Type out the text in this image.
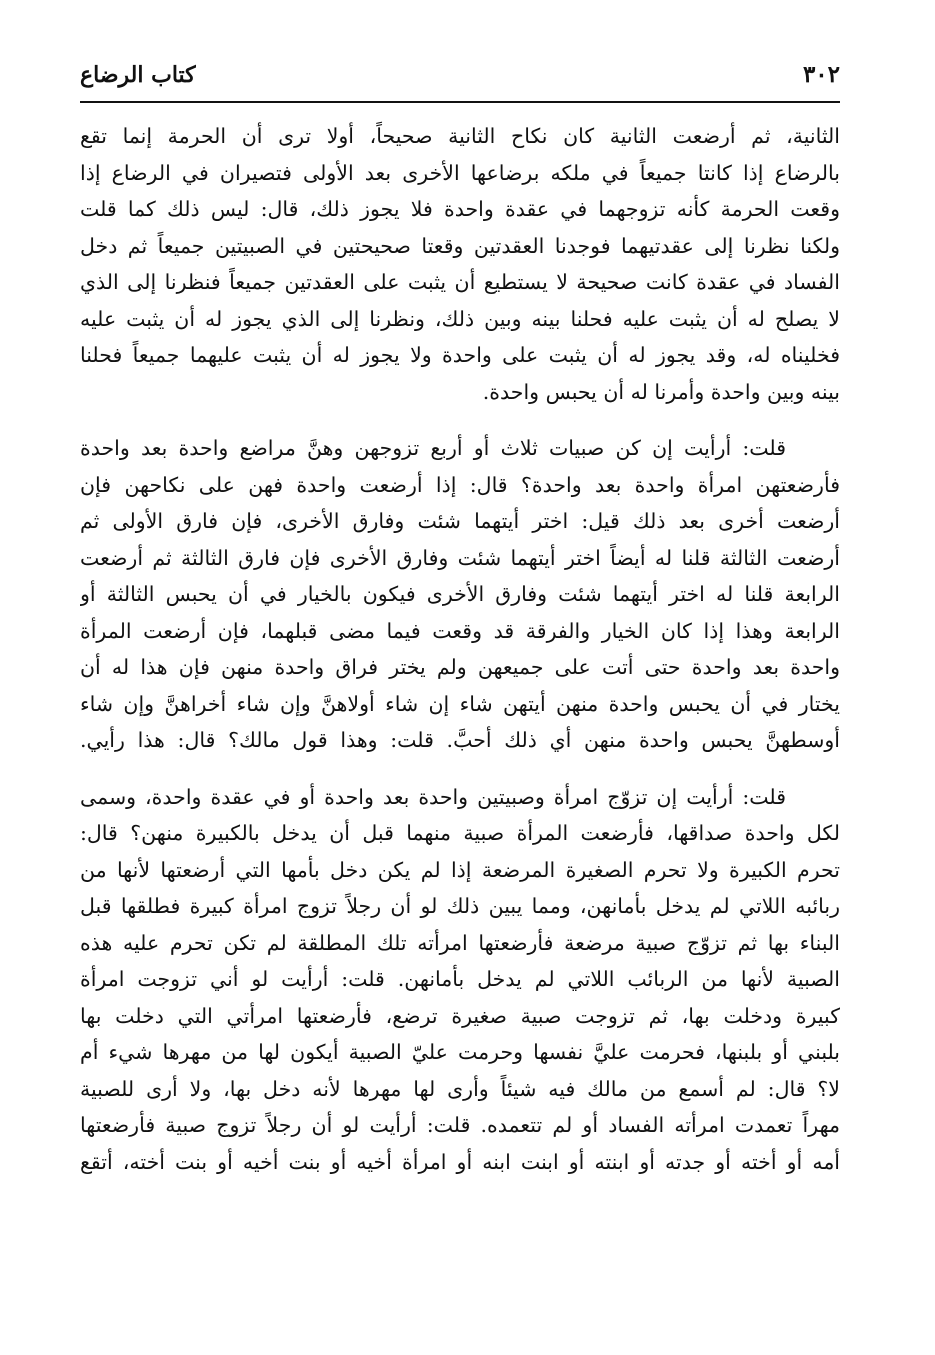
٣٠٢
كتاب الرضاع

الثانية، ثم أرضعت الثانية كان نكاح الثانية صحيحاً، أولا ترى أن الحرمة إنما تقع
بالرضاع إذا كانتا جميعاً في ملكه برضاعها الأخرى بعد الأولى فتصيران في الرضاع إذا
وقعت الحرمة كأنه تزوجهما في عقدة واحدة فلا يجوز ذلك، قال: ليس ذلك كما قلت
ولكنا نظرنا إلى عقدتيهما فوجدنا العقدتين وقعتا صحيحتين في الصبيتين جميعاً ثم دخل
الفساد في عقدة كانت صحيحة لا يستطيع أن يثبت على العقدتين جميعاً فنظرنا إلى الذي
لا يصلح له أن يثبت عليه فحلنا بينه وبين ذلك، ونظرنا إلى الذي يجوز له أن يثبت عليه
فخليناه له، وقد يجوز له أن يثبت على واحدة ولا يجوز له أن يثبت عليهما جميعاً فحلنا
بينه وبين واحدة وأمرنا له أن يحبس واحدة.

قلت: أرأيت إن كن صبيات ثلاث أو أربع تزوجهن وهنَّ مراضع واحدة بعد واحدة
فأرضعتهن امرأة واحدة بعد واحدة؟ قال: إذا أرضعت واحدة فهن على نكاحهن فإن
أرضعت أخرى بعد ذلك قيل: اختر أيتهما شئت وفارق الأخرى، فإن فارق الأولى ثم
أرضعت الثالثة قلنا له أيضاً اختر أيتهما شئت وفارق الأخرى فإن فارق الثالثة ثم أرضعت
الرابعة قلنا له اختر أيتهما شئت وفارق الأخرى فيكون بالخيار في أن يحبس الثالثة أو
الرابعة وهذا إذا كان الخيار والفرقة قد وقعت فيما مضى قبلهما، فإن أرضعت المرأة
واحدة بعد واحدة حتى أتت على جميعهن ولم يختر فراق واحدة منهن فإن هذا له أن
يختار في أن يحبس واحدة منهن أيتهن شاء إن شاء أولاهنَّ وإن شاء أخراهنَّ وإن شاء
أوسطهنَّ يحبس واحدة منهن أي ذلك أحبَّ. قلت: وهذا قول مالك؟ قال: هذا رأيي.

قلت: أرأيت إن تزوّج امرأة وصبيتين واحدة بعد واحدة أو في عقدة واحدة، وسمى
لكل واحدة صداقها، فأرضعت المرأة صبية منهما قبل أن يدخل بالكبيرة منهن؟ قال:
تحرم الكبيرة ولا تحرم الصغيرة المرضعة إذا لم يكن دخل بأمها التي أرضعتها لأنها من
ربائبه اللاتي لم يدخل بأمانهن، ومما يبين ذلك لو أن رجلاً تزوج امرأة كبيرة فطلقها قبل
البناء بها ثم تزوّج صبية مرضعة فأرضعتها امرأته تلك المطلقة لم تكن تحرم عليه هذه
الصبية لأنها من الربائب اللاتي لم يدخل بأمانهن. قلت: أرأيت لو أني تزوجت امرأة
كبيرة ودخلت بها، ثم تزوجت صبية صغيرة ترضع، فأرضعتها امرأتي التي دخلت بها
بلبني أو بلبنها، فحرمت عليَّ نفسها وحرمت عليّ الصبية أيكون لها من مهرها شيء أم
لا؟ قال: لم أسمع من مالك فيه شيئاً وأرى لها مهرها لأنه دخل بها، ولا أرى للصبية
مهراً تعمدت امرأته الفساد أو لم تتعمده. قلت: أرأيت لو أن رجلاً تزوج صبية فأرضعتها
أمه أو أخته أو جدته أو ابنته أو ابنت ابنه أو امرأة أخيه أو بنت أخيه أو بنت أخته، أتقع
